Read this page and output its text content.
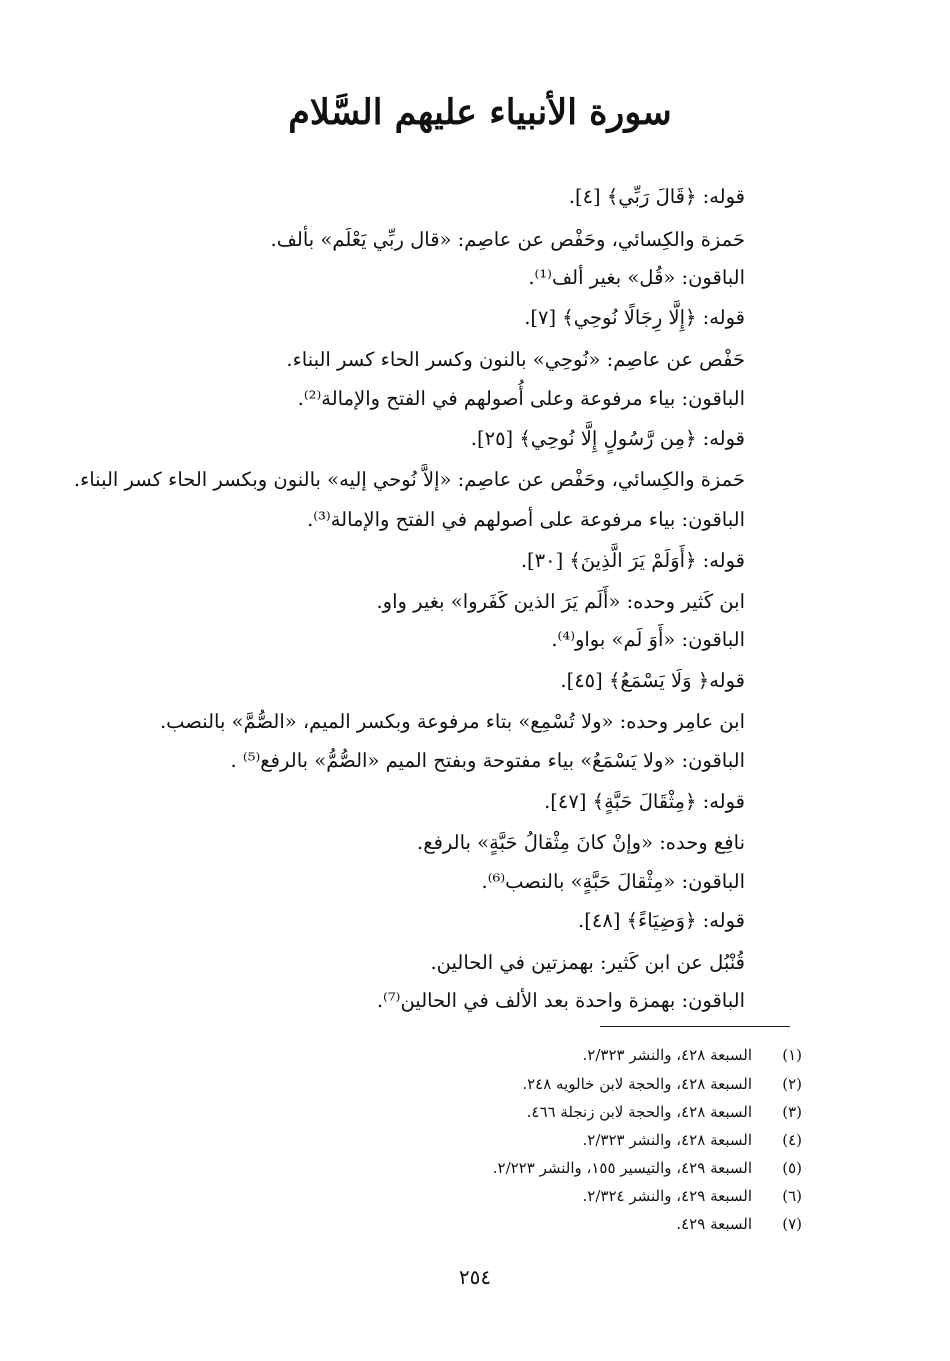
سورة الأنبياء عليهم السَّلام
قوله: ﴿قَالَ رَبِّي﴾ [٤].
حَمزة والكِسائي، وحَفْص عن عاصِم: «قال ربِّي يَعْلَم» بألف.
الباقون: «قُل» بغير ألف⁽¹⁾.
قوله: ﴿إِلَّا رِجَالًا نُوحِي﴾ [٧].
حَفْص عن عاصِم: «نُوحِي» بالنون وكسر الحاء كسر البناء.
الباقون: بياء مرفوعة وعلى أُصولهم في الفتح والإمالة⁽²⁾.
قوله: ﴿مِن رَّسُولٍ إِلَّا نُوحِي﴾ [٢٥].
حَمزة والكِسائي، وحَفْص عن عاصِم: «إلاَّ نُوحي إليه» بالنون وبكسر الحاء كسر البناء.
الباقون: بياء مرفوعة على أصولهم في الفتح والإمالة⁽³⁾.
قوله: ﴿أَوَلَمْ يَرَ الَّذِينَ﴾ [٣٠].
ابن كَثير وحده: «أَلَم يَرَ الذين كَفَروا» بغير واو.
الباقون: «أَوَ لَم» بواو⁽⁴⁾.
قوله﴿ وَلَا يَسْمَعُ﴾ [٤٥].
ابن عامِر وحده: «ولا تُسْمِع» بتاء مرفوعة وبكسر الميم، «الصُّمَّ» بالنصب.
الباقون: «ولا يَسْمَعُ» بياء مفتوحة وبفتح الميم «الصُّمُّ» بالرفع⁽⁵⁾ .
قوله: ﴿مِثْقَالَ حَبَّةٍ﴾ [٤٧].
نافِع وحده: «وإنْ كانَ مِثْقالُ حَبَّةٍ» بالرفع.
الباقون: «مِثْقالَ حَبَّةٍ» بالنصب⁽⁶⁾.
قوله: ﴿وَضِيَاءً﴾ [٤٨].
قُنْبُل عن ابن كَثير: بهمزتين في الحالين.
الباقون: بهمزة واحدة بعد الألف في الحالين⁽⁷⁾.
(١)السبعة ٤٢٨، والنشر ٢/٣٢٣.
(٢)السبعة ٤٢٨، والحجة لابن خالويه ٢٤٨.
(٣)السبعة ٤٢٨، والحجة لابن زنجلة ٤٦٦.
(٤)السبعة ٤٢٨، والنشر ٢/٣٢٣.
(٥)السبعة ٤٢٩، والتيسير ١٥٥، والنشر ٢/٢٢٣.
(٦)السبعة ٤٢٩، والنشر ٢/٣٢٤.
(٧)السبعة ٤٢٩.
٢٥٤
